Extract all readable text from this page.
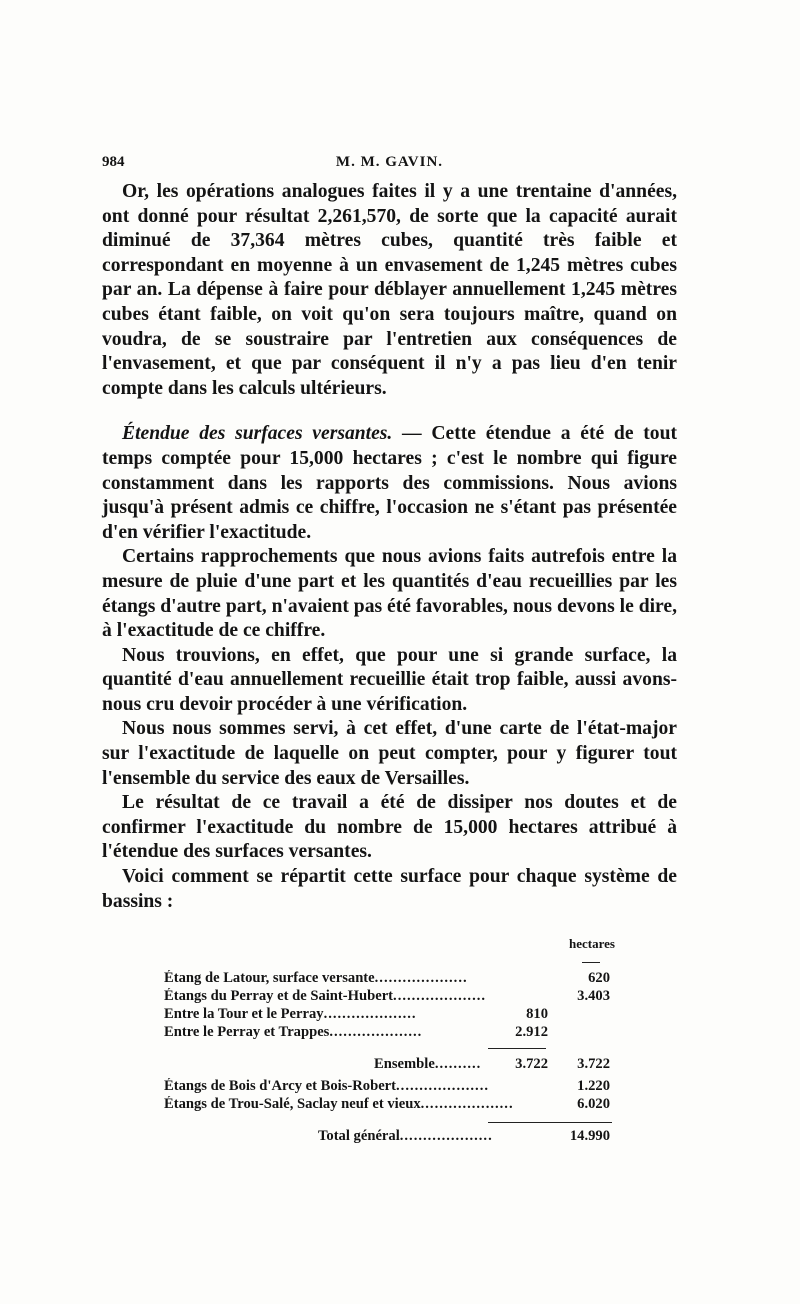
984	M. M. GAVIN.

Or, les opérations analogues faites il y a une trentaine d'années, ont donné pour résultat 2,261,570, de sorte que la capacité aurait diminué de 37,364 mètres cubes, quantité très faible et correspondant en moyenne à un envasement de 1,245 mètres cubes par an. La dépense à faire pour déblayer annuellement 1,245 mètres cubes étant faible, on voit qu'on sera toujours maître, quand on voudra, de se soustraire par l'entretien aux conséquences de l'envasement, et que par conséquent il n'y a pas lieu d'en tenir compte dans les calculs ultérieurs.

Étendue des surfaces versantes. — Cette étendue a été de tout temps comptée pour 15,000 hectares ; c'est le nombre qui figure constamment dans les rapports des commissions. Nous avions jusqu'à présent admis ce chiffre, l'occasion ne s'étant pas présentée d'en vérifier l'exactitude.

Certains rapprochements que nous avions faits autrefois entre la mesure de pluie d'une part et les quantités d'eau recueillies par les étangs d'autre part, n'avaient pas été favorables, nous devons le dire, à l'exactitude de ce chiffre.

Nous trouvions, en effet, que pour une si grande surface, la quantité d'eau annuellement recueillie était trop faible, aussi avons-nous cru devoir procéder à une vérification.

Nous nous sommes servi, à cet effet, d'une carte de l'état-major sur l'exactitude de laquelle on peut compter, pour y figurer tout l'ensemble du service des eaux de Versailles.

Le résultat de ce travail a été de dissiper nos doutes et de confirmer l'exactitude du nombre de 15,000 hectares attribué à l'étendue des surfaces versantes.

Voici comment se répartit cette surface pour chaque système de bassins :

hectares
Étang de Latour, surface versante....................	620
Étangs du Perray et de Saint-Hubert....................	3.403
Entre la Tour et le Perray....................	810
Entre le Perray et Trappes....................	2.912
Ensemble..........	3.722	3.722
Étangs de Bois d'Arcy et Bois-Robert....................	1.220
Étangs de Trou-Salé, Saclay neuf et vieux....................	6.020
Total général....................	14.990
